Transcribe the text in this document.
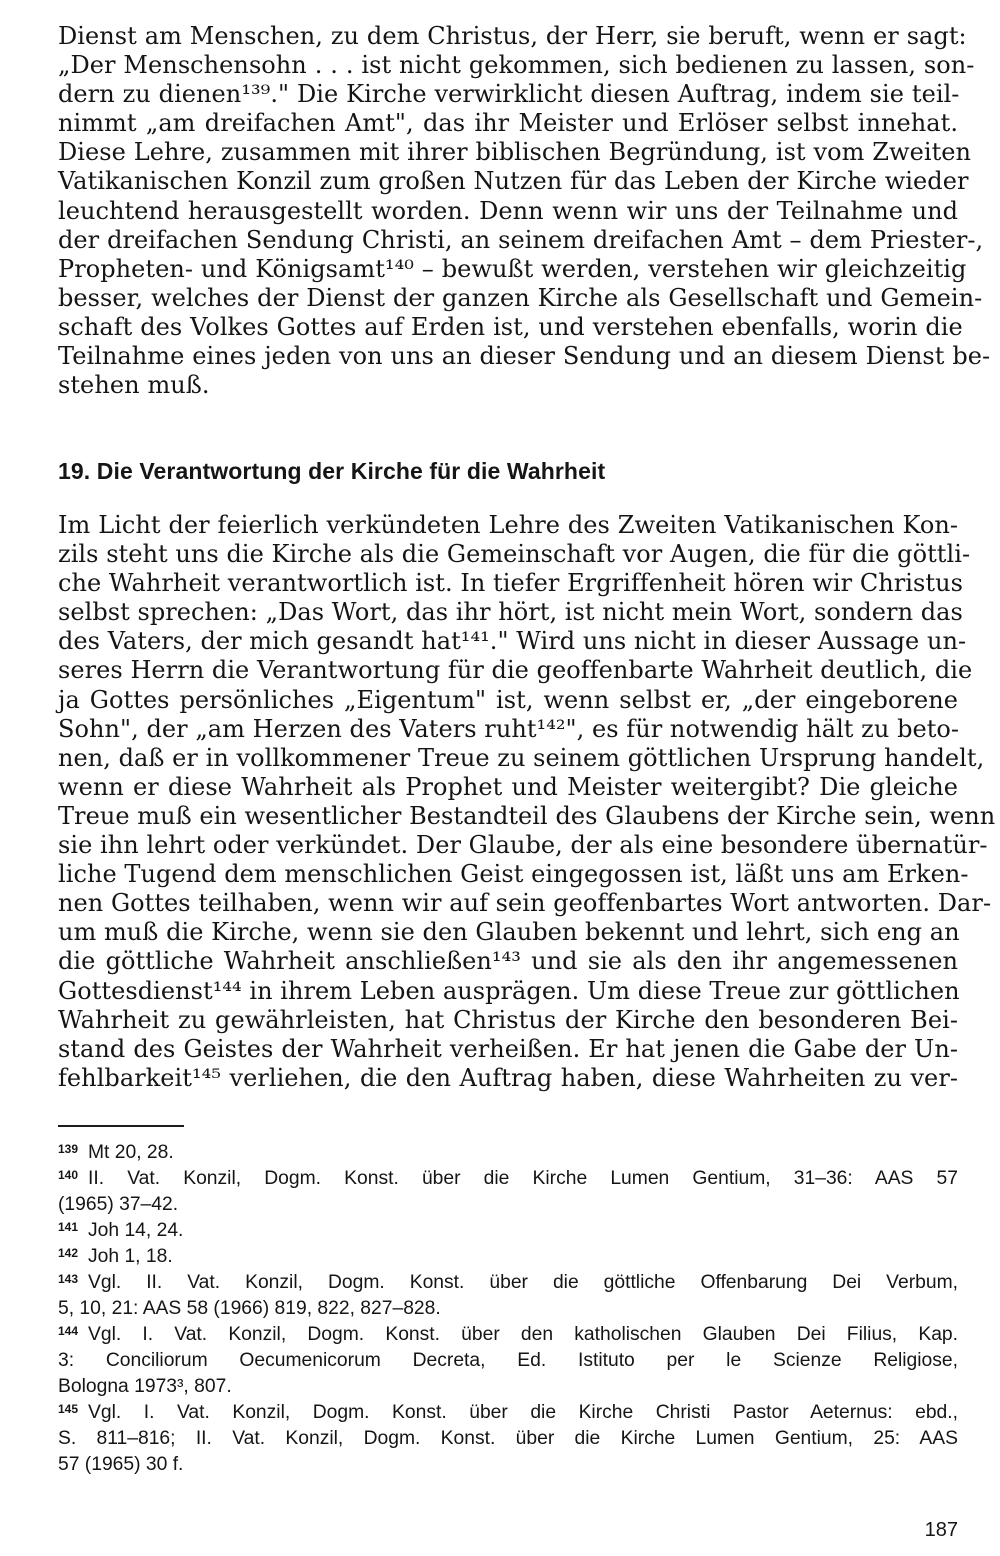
Dienst am Menschen, zu dem Christus, der Herr, sie beruft, wenn er sagt:
„Der Menschensohn . . . ist nicht gekommen, sich bedienen zu lassen, son-
dern zu dienen¹³⁹." Die Kirche verwirklicht diesen Auftrag, indem sie teil-
nimmt „am dreifachen Amt", das ihr Meister und Erlöser selbst innehat.
Diese Lehre, zusammen mit ihrer biblischen Begründung, ist vom Zweiten
Vatikanischen Konzil zum großen Nutzen für das Leben der Kirche wieder
leuchtend herausgestellt worden. Denn wenn wir uns der Teilnahme und
der dreifachen Sendung Christi, an seinem dreifachen Amt – dem Priester-,
Propheten- und Königsamt¹⁴⁰ – bewußt werden, verstehen wir gleichzeitig
besser, welches der Dienst der ganzen Kirche als Gesellschaft und Gemein-
schaft des Volkes Gottes auf Erden ist, und verstehen ebenfalls, worin die
Teilnahme eines jeden von uns an dieser Sendung und an diesem Dienst be-
stehen muß.
19. Die Verantwortung der Kirche für die Wahrheit
Im Licht der feierlich verkündeten Lehre des Zweiten Vatikanischen Kon-
zils steht uns die Kirche als die Gemeinschaft vor Augen, die für die göttli-
che Wahrheit verantwortlich ist. In tiefer Ergriffenheit hören wir Christus
selbst sprechen: „Das Wort, das ihr hört, ist nicht mein Wort, sondern das
des Vaters, der mich gesandt hat¹⁴¹." Wird uns nicht in dieser Aussage un-
seres Herrn die Verantwortung für die geoffenbarte Wahrheit deutlich, die
ja Gottes persönliches „Eigentum" ist, wenn selbst er, „der eingeborene
Sohn", der „am Herzen des Vaters ruht¹⁴²", es für notwendig hält zu beto-
nen, daß er in vollkommener Treue zu seinem göttlichen Ursprung handelt,
wenn er diese Wahrheit als Prophet und Meister weitergibt? Die gleiche
Treue muß ein wesentlicher Bestandteil des Glaubens der Kirche sein, wenn
sie ihn lehrt oder verkündet. Der Glaube, der als eine besondere übernatür-
liche Tugend dem menschlichen Geist eingegossen ist, läßt uns am Erken-
nen Gottes teilhaben, wenn wir auf sein geoffenbartes Wort antworten. Dar-
um muß die Kirche, wenn sie den Glauben bekennt und lehrt, sich eng an
die göttliche Wahrheit anschließen¹⁴³ und sie als den ihr angemessenen
Gottesdienst¹⁴⁴ in ihrem Leben ausprägen. Um diese Treue zur göttlichen
Wahrheit zu gewährleisten, hat Christus der Kirche den besonderen Bei-
stand des Geistes der Wahrheit verheißen. Er hat jenen die Gabe der Un-
fehlbarkeit¹⁴⁵ verliehen, die den Auftrag haben, diese Wahrheiten zu ver-
139 Mt 20, 28.
140 II. Vat. Konzil, Dogm. Konst. über die Kirche Lumen Gentium, 31–36: AAS 57
(1965) 37–42.
141 Joh 14, 24.
142 Joh 1, 18.
143 Vgl. II. Vat. Konzil, Dogm. Konst. über die göttliche Offenbarung Dei Verbum,
5, 10, 21: AAS 58 (1966) 819, 822, 827–828.
144 Vgl. I. Vat. Konzil, Dogm. Konst. über den katholischen Glauben Dei Filius, Kap.
3: Conciliorum Oecumenicorum Decreta, Ed. Istituto per le Scienze Religiose,
Bologna 1973³, 807.
145 Vgl. I. Vat. Konzil, Dogm. Konst. über die Kirche Christi Pastor Aeternus: ebd.,
S. 811–816; II. Vat. Konzil, Dogm. Konst. über die Kirche Lumen Gentium, 25: AAS
57 (1965) 30 f.
187
